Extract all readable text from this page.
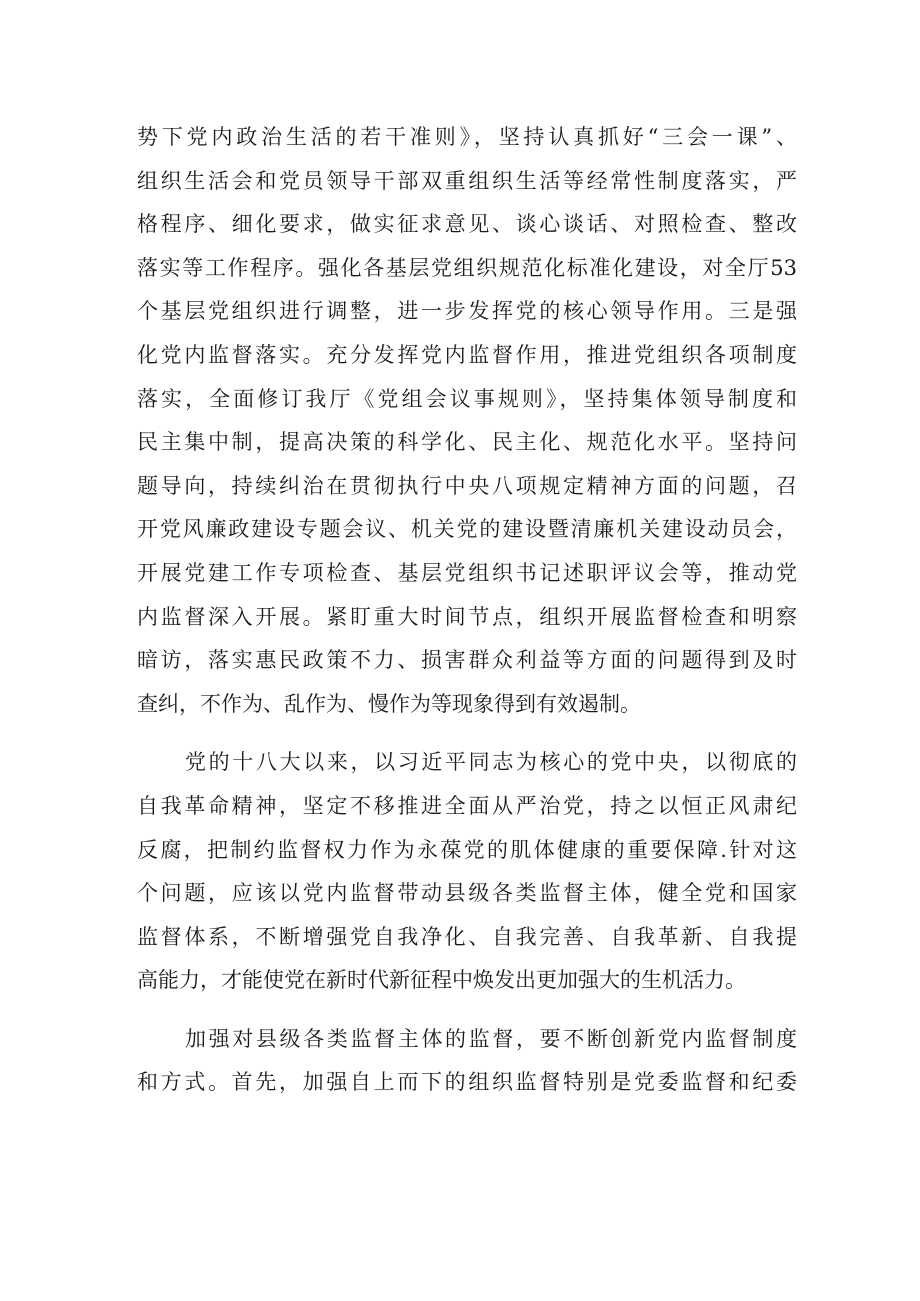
势下党内政治生活的若干准则》，坚持认真抓好“三会一课”、
组织生活会和党员领导干部双重组织生活等经常性制度落实，严
格程序、细化要求，做实征求意见、谈心谈话、对照检查、整改
落实等工作程序。强化各基层党组织规范化标准化建设，对全厅53
个基层党组织进行调整，进一步发挥党的核心领导作用。三是强
化党内监督落实。充分发挥党内监督作用，推进党组织各项制度
落实，全面修订我厅《党组会议事规则》，坚持集体领导制度和
民主集中制，提高决策的科学化、民主化、规范化水平。坚持问
题导向，持续纠治在贯彻执行中央八项规定精神方面的问题，召
开党风廉政建设专题会议、机关党的建设暨清廉机关建设动员会，
开展党建工作专项检查、基层党组织书记述职评议会等，推动党
内监督深入开展。紧盯重大时间节点，组织开展监督检查和明察
暗访，落实惠民政策不力、损害群众利益等方面的问题得到及时
查纠，不作为、乱作为、慢作为等现象得到有效遏制。
党的十八大以来，以习近平同志为核心的党中央，以彻底的
自我革命精神，坚定不移推进全面从严治党，持之以恒正风肃纪
反腐，把制约监督权力作为永葆党的肌体健康的重要保障.针对这
个问题，应该以党内监督带动县级各类监督主体，健全党和国家
监督体系，不断增强党自我净化、自我完善、自我革新、自我提
高能力，才能使党在新时代新征程中焕发出更加强大的生机活力。
加强对县级各类监督主体的监督，要不断创新党内监督制度
和方式。首先，加强自上而下的组织监督特别是党委监督和纪委
